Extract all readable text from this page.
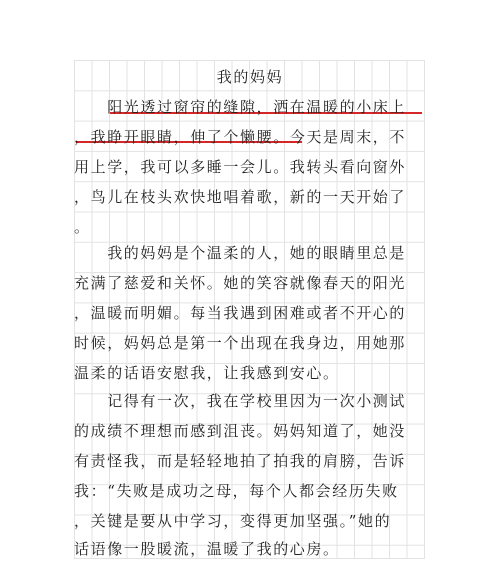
我的妈妈
　　阳光透过窗帘的缝隙，洒在温暖的小床上
，我睁开眼睛，伸了个懒腰。今天是周末，不
用上学，我可以多睡一会儿。我转头看向窗外
，鸟儿在枝头欢快地唱着歌，新的一天开始了
。
　　我的妈妈是个温柔的人，她的眼睛里总是
充满了慈爱和关怀。她的笑容就像春天的阳光
，温暖而明媚。每当我遇到困难或者不开心的
时候，妈妈总是第一个出现在我身边，用她那
温柔的话语安慰我，让我感到安心。
　　记得有一次，我在学校里因为一次小测试
的成绩不理想而感到沮丧。妈妈知道了，她没
有责怪我，而是轻轻地拍了拍我的肩膀，告诉
我：“失败是成功之母，每个人都会经历失败
，关键是要从中学习，变得更加坚强。”她的
话语像一股暖流，温暖了我的心房。
